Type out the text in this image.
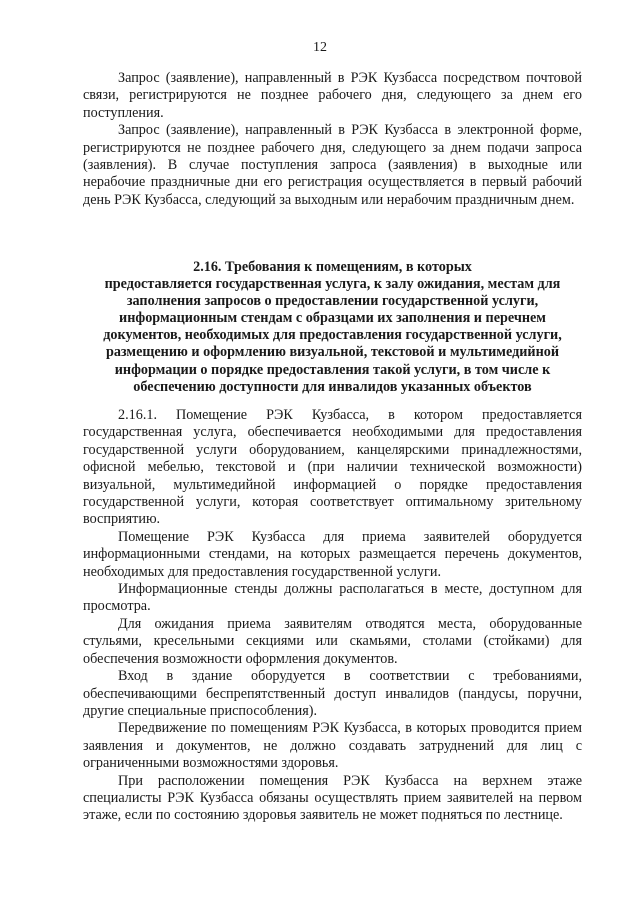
12

Запрос (заявление), направленный в РЭК Кузбасса посредством почтовой связи, регистрируются не позднее рабочего дня, следующего за днем его поступления.

Запрос (заявление), направленный в РЭК Кузбасса в электронной форме, регистрируются не позднее рабочего дня, следующего за днем подачи запроса (заявления). В случае поступления запроса (заявления) в выходные или нерабочие праздничные дни его регистрация осуществляется в первый рабочий день РЭК Кузбасса, следующий за выходным или нерабочим праздничным днем.

2.16. Требования к помещениям, в которых
предоставляется государственная услуга, к залу ожидания, местам для
заполнения запросов о предоставлении государственной услуги,
информационным стендам с образцами их заполнения и перечнем
документов, необходимых для предоставления государственной услуги,
размещению и оформлению визуальной, текстовой и мультимедийной
информации о порядке предоставления такой услуги, в том числе к
обеспечению доступности для инвалидов указанных объектов

2.16.1. Помещение РЭК Кузбасса, в котором предоставляется государственная услуга, обеспечивается необходимыми для предоставления государственной услуги оборудованием, канцелярскими принадлежностями, офисной мебелью, текстовой и (при наличии технической возможности) визуальной, мультимедийной информацией о порядке предоставления государственной услуги, которая соответствует оптимальному зрительному восприятию.

Помещение РЭК Кузбасса для приема заявителей оборудуется информационными стендами, на которых размещается перечень документов, необходимых для предоставления государственной услуги.

Информационные стенды должны располагаться в месте, доступном для просмотра.

Для ожидания приема заявителям отводятся места, оборудованные стульями, кресельными секциями или скамьями, столами (стойками) для обеспечения возможности оформления документов.

Вход в здание оборудуется в соответствии с требованиями, обеспечивающими беспрепятственный доступ инвалидов (пандусы, поручни, другие специальные приспособления).

Передвижение по помещениям РЭК Кузбасса, в которых проводится прием заявления и документов, не должно создавать затруднений для лиц с ограниченными возможностями здоровья.

При расположении помещения РЭК Кузбасса на верхнем этаже специалисты РЭК Кузбасса обязаны осуществлять прием заявителей на первом этаже, если по состоянию здоровья заявитель не может подняться по лестнице.
